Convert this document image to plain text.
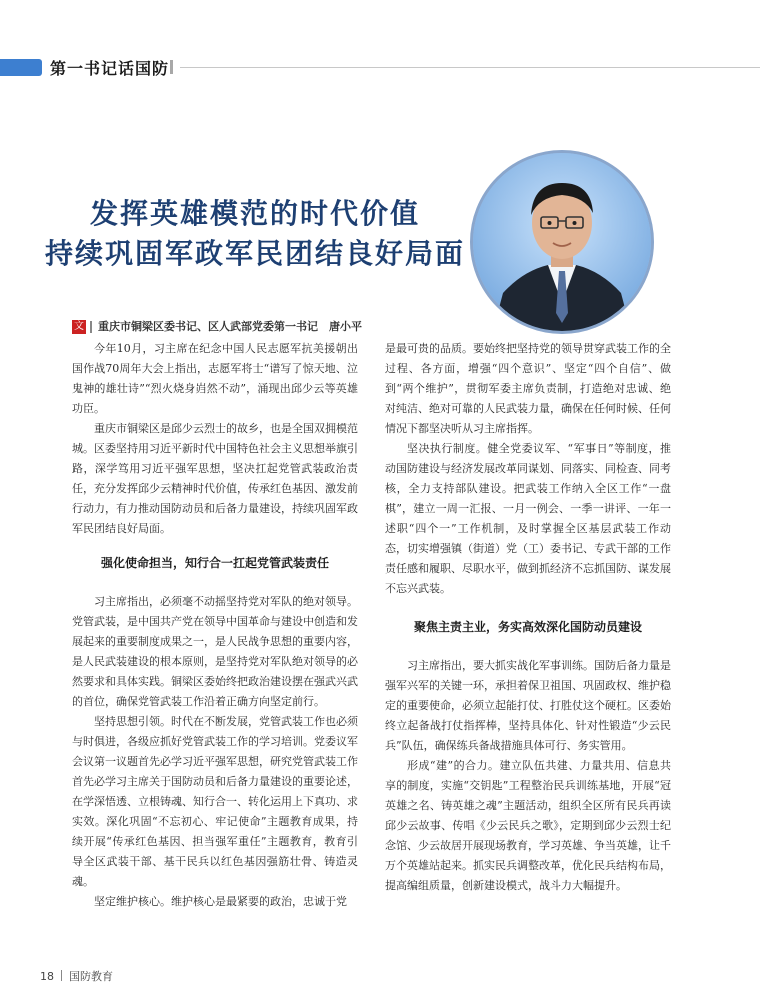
第一书记话国防
发挥英雄模范的时代价值
持续巩固军政军民团结良好局面
文 重庆市铜梁区委书记、区人武部党委第一书记　唐小平

今年10月，习主席在纪念中国人民志愿军抗美援朝出国作战70周年大会上指出，志愿军将士“谱写了惊天地、泣鬼神的雄壮诗”“烈火烧身岿然不动”，涌现出邱少云等英雄功臣。

重庆市铜梁区是邱少云烈士的故乡，也是全国双拥模范城。区委坚持用习近平新时代中国特色社会主义思想举旗引路，深学笃用习近平强军思想，坚决扛起党管武装政治责任，充分发挥邱少云精神时代价值，传承红色基因、激发前行动力，有力推动国防动员和后备力量建设，持续巩固军政军民团结良好局面。

强化使命担当，知行合一扛起党管武装责任

习主席指出，必须毫不动摇坚持党对军队的绝对领导。党管武装，是中国共产党在领导中国革命与建设中创造和发展起来的重要制度成果之一，是人民战争思想的重要内容，是人民武装建设的根本原则，是坚持党对军队绝对领导的必然要求和具体实践。铜梁区委始终把政治建设摆在强武兴武的首位，确保党管武装工作沿着正确方向坚定前行。

坚持思想引领。时代在不断发展，党管武装工作也必须与时俱进，各级应抓好党管武装工作的学习培训。党委议军会议第一议题首先必学习近平强军思想，研究党管武装工作首先必学习主席关于国防动员和后备力量建设的重要论述，在学深悟透、立根铸魂、知行合一、转化运用上下真功、求实效。深化巩固“不忘初心、牢记使命”主题教育成果，持续开展“传承红色基因、担当强军重任”主题教育，教育引导全区武装干部、基干民兵以红色基因强筋壮骨、铸造灵魂。

坚定维护核心。维护核心是最紧要的政治，忠诚于党

是最可贵的品质。要始终把坚持党的领导贯穿武装工作的全过程、各方面，增强“四个意识”、坚定“四个自信”、做到“两个维护”，贯彻军委主席负责制，打造绝对忠诚、绝对纯洁、绝对可靠的人民武装力量，确保在任何时候、任何情况下都坚决听从习主席指挥。

坚决执行制度。健全党委议军、“军事日”等制度，推动国防建设与经济发展改革同谋划、同落实、同检查、同考核，全力支持部队建设。把武装工作纳入全区工作“一盘棋”，建立一周一汇报、一月一例会、一季一讲评、一年一述职“四个一”工作机制，及时掌握全区基层武装工作动态，切实增强镇（街道）党（工）委书记、专武干部的工作责任感和履职、尽职水平，做到抓经济不忘抓国防、谋发展不忘兴武装。

聚焦主责主业，务实高效深化国防动员建设

习主席指出，要大抓实战化军事训练。国防后备力量是强军兴军的关键一环，承担着保卫祖国、巩固政权、维护稳定的重要使命，必须立起能打仗、打胜仗这个硬杠。区委始终立起备战打仗指挥棒，坚持具体化、针对性锻造“少云民兵”队伍，确保练兵备战措施具体可行、务实管用。

形成“建”的合力。建立队伍共建、力量共用、信息共享的制度，实施“交钥匙”工程整治民兵训练基地，开展“冠英雄之名、铸英雄之魂”主题活动，组织全区所有民兵再读邱少云故事、传唱《少云民兵之歌》，定期到邱少云烈士纪念馆、少云故居开展现场教育，学习英雄、争当英雄，让千万个英雄站起来。抓实民兵调整改革，优化民兵结构布局，提高编组质量，创新建设模式，战斗力大幅提升。

18 国防教育
